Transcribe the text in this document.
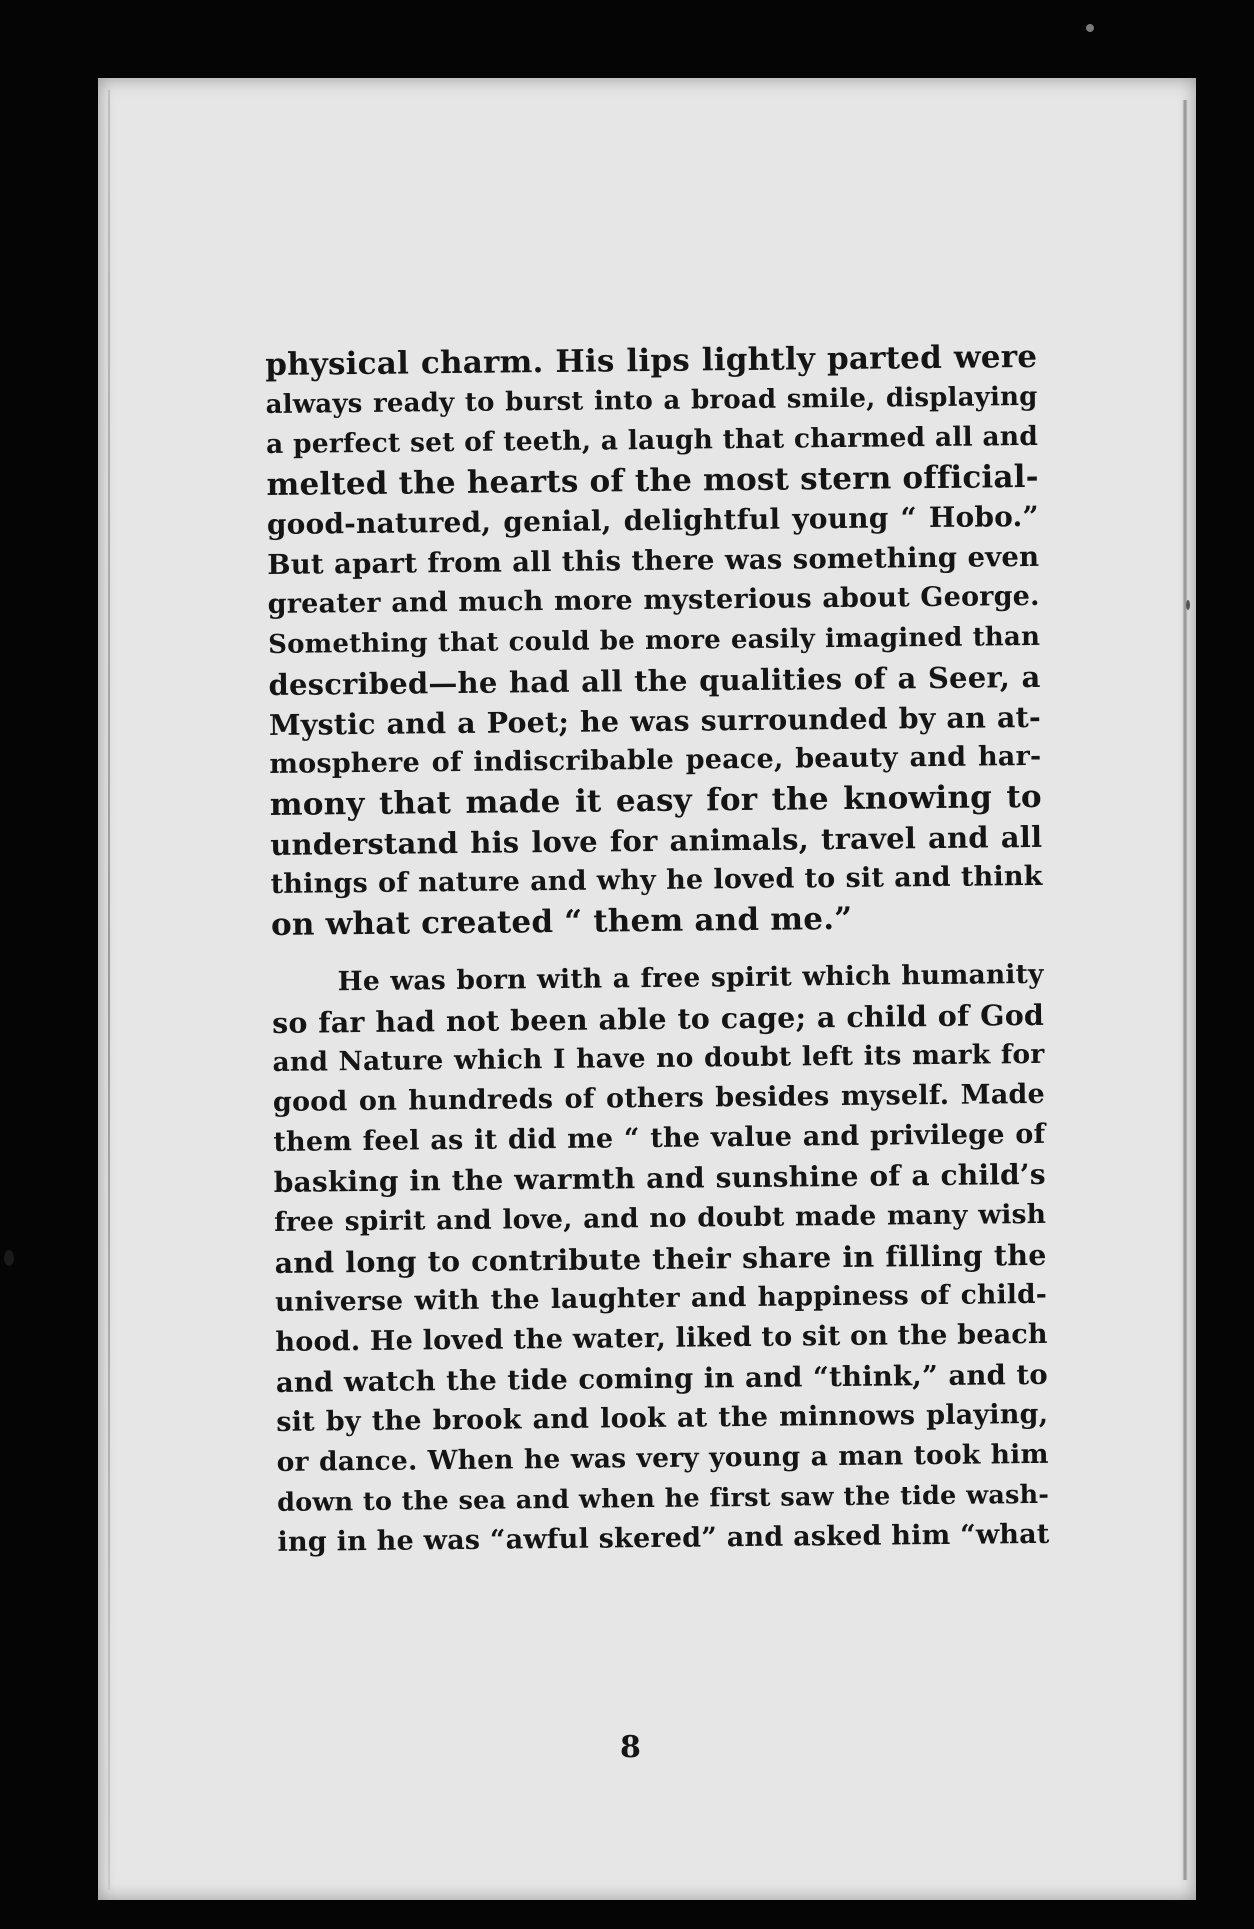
physical charm. His lips lightly parted were
always ready to burst into a broad smile, displaying
a perfect set of teeth, a laugh that charmed all and
melted the hearts of the most stern official-
good-natured, genial, delightful young “ Hobo.”
But apart from all this there was something even
greater and much more mysterious about George.
Something that could be more easily imagined than
described—he had all the qualities of a Seer, a
Mystic and a Poet; he was surrounded by an at-
mosphere of indiscribable peace, beauty and har-
mony that made it easy for the knowing to
understand his love for animals, travel and all
things of nature and why he loved to sit and think
on what created “ them and me.”
He was born with a free spirit which humanity
so far had not been able to cage; a child of God
and Nature which I have no doubt left its mark for
good on hundreds of others besides myself. Made
them feel as it did me “ the value and privilege of
basking in the warmth and sunshine of a child’s
free spirit and love, and no doubt made many wish
and long to contribute their share in filling the
universe with the laughter and happiness of child-
hood. He loved the water, liked to sit on the beach
and watch the tide coming in and “think,” and to
sit by the brook and look at the minnows playing,
or dance. When he was very young a man took him
down to the sea and when he first saw the tide wash-
ing in he was “awful skered” and asked him “what
8
